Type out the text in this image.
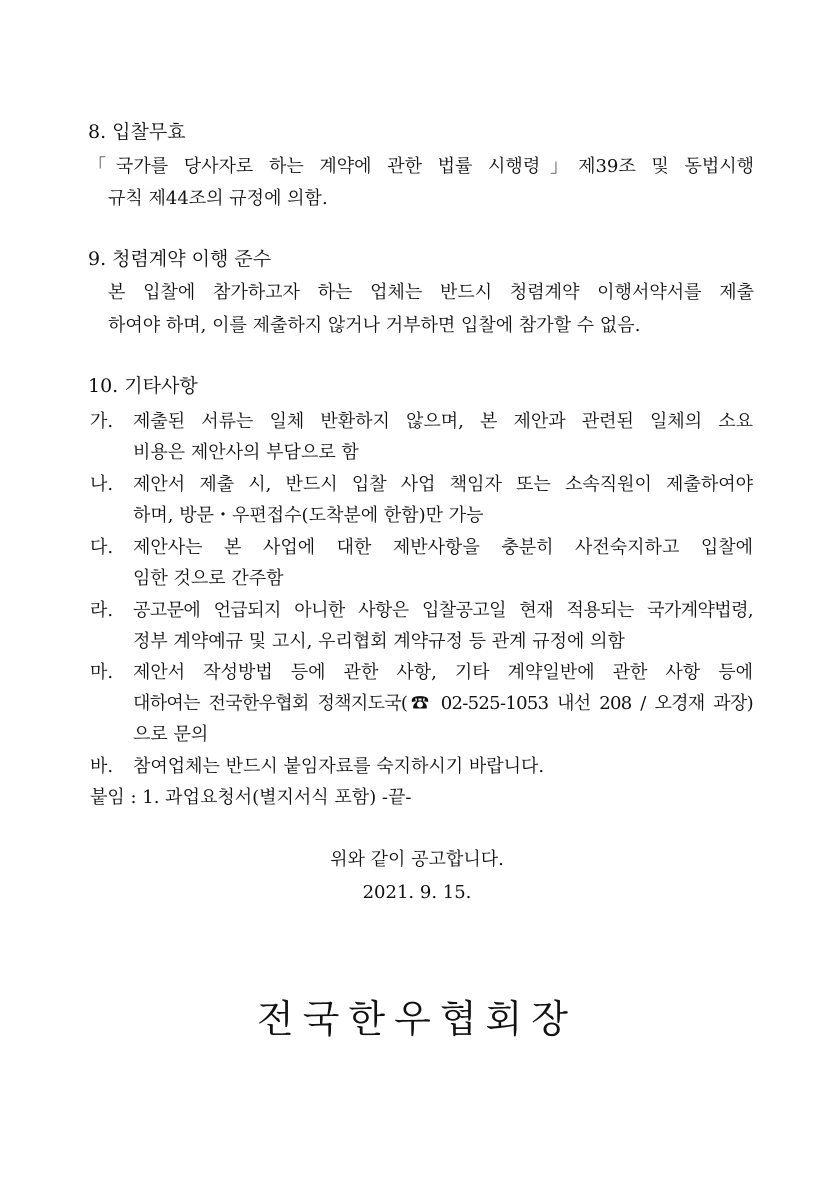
8. 입찰무효
「국가를 당사자로 하는 계약에 관한 법률 시행령」제39조 및 동법시행
규칙 제44조의 규정에 의함.
9. 청렴계약 이행 준수
본 입찰에 참가하고자 하는 업체는 반드시 청렴계약 이행서약서를 제출
하여야 하며, 이를 제출하지 않거나 거부하면 입찰에 참가할 수 없음.
10. 기타사항
가. 제출된 서류는 일체 반환하지 않으며, 본 제안과 관련된 일체의 소요
비용은 제안사의 부담으로 함
나. 제안서 제출 시, 반드시 입찰 사업 책임자 또는 소속직원이 제출하여야
하며, 방문・우편접수(도착분에 한함)만 가능
다. 제안사는 본 사업에 대한 제반사항을 충분히 사전숙지하고 입찰에
임한 것으로 간주함
라. 공고문에 언급되지 아니한 사항은 입찰공고일 현재 적용되는 국가계약법령,
정부 계약예규 및 고시, 우리협회 계약규정 등 관계 규정에 의함
마. 제안서 작성방법 등에 관한 사항, 기타 계약일반에 관한 사항 등에
대하여는 전국한우협회 정책지도국(☎ 02-525-1053 내선 208 / 오경재 과장)
으로 문의
바. 참여업체는 반드시 붙임자료를 숙지하시기 바랍니다.
붙임 : 1. 과업요청서(별지서식 포함) -끝-
위와 같이 공고합니다.
2021. 9. 15.
전국한우협회장
